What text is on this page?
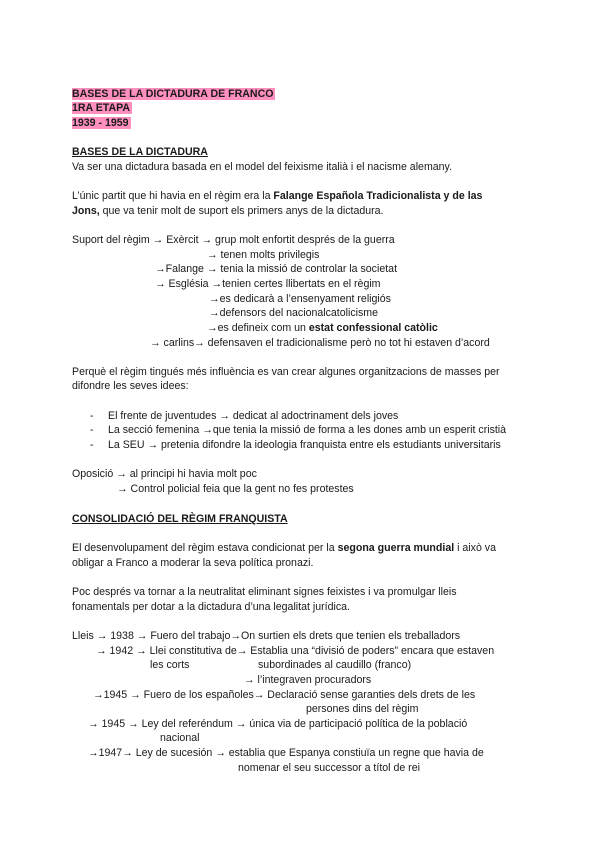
BASES DE LA DICTADURA DE FRANCO
1RA ETAPA
1939 - 1959
BASES DE LA DICTADURA
Va ser una dictadura basada en el model del feixisme italià i el nacisme alemany.
L’únic partit que hi havia en el règim era la Falange Española Tradicionalista y de las
Jons, que va tenir molt de suport els primers anys de la dictadura.
Suport del règim → Exèrcit → grup molt enfortit després de la guerra
→ tenen molts privilegis
→Falange → tenia la missió de controlar la societat
→ Església →tenien certes llibertats en el règim
→es dedicarà a l’ensenyament religiós
→defensors del nacionalcatolicisme
→es defineix com un estat confessional catòlic
→ carlins→ defensaven el tradicionalisme però no tot hi estaven d’acord
Perquè el règim tingués més influència es van crear algunes organitzacions de masses per
difondre les seves idees:
- El frente de juventudes → dedicat al adoctrinament dels joves
- La secció femenina →que tenia la missió de forma a les dones amb un esperit cristià
- La SEU → pretenia difondre la ideologia franquista entre els estudiants universitaris
Oposició → al principi hi havia molt poc
→ Control policial feia que la gent no fes protestes
CONSOLIDACIÓ DEL RÈGIM FRANQUISTA
El desenvolupament del règim estava condicionat per la segona guerra mundial i això va
obligar a Franco a moderar la seva política pronazi.
Poc després va tornar a la neutralitat eliminant signes feixistes i va promulgar lleis
fonamentals per dotar a la dictadura d’una legalitat jurídica.
Lleis → 1938 → Fuero del trabajo→On surtien els drets que tenien els treballadors
→ 1942 → Llei constitutiva de→ Establia una “divisió de poders” encara que estaven
les corts	subordinades al caudillo (franco)
→ l’integraven procuradors
→1945 → Fuero de los españoles→ Declaració sense garanties dels drets de les
persones dins del règim
→ 1945 → Ley del referéndum → única via de participació política de la població
nacional
→1947→ Ley de sucesión → establia que Espanya constiuïa un regne que havia de
nomenar el seu successor a títol de rei
